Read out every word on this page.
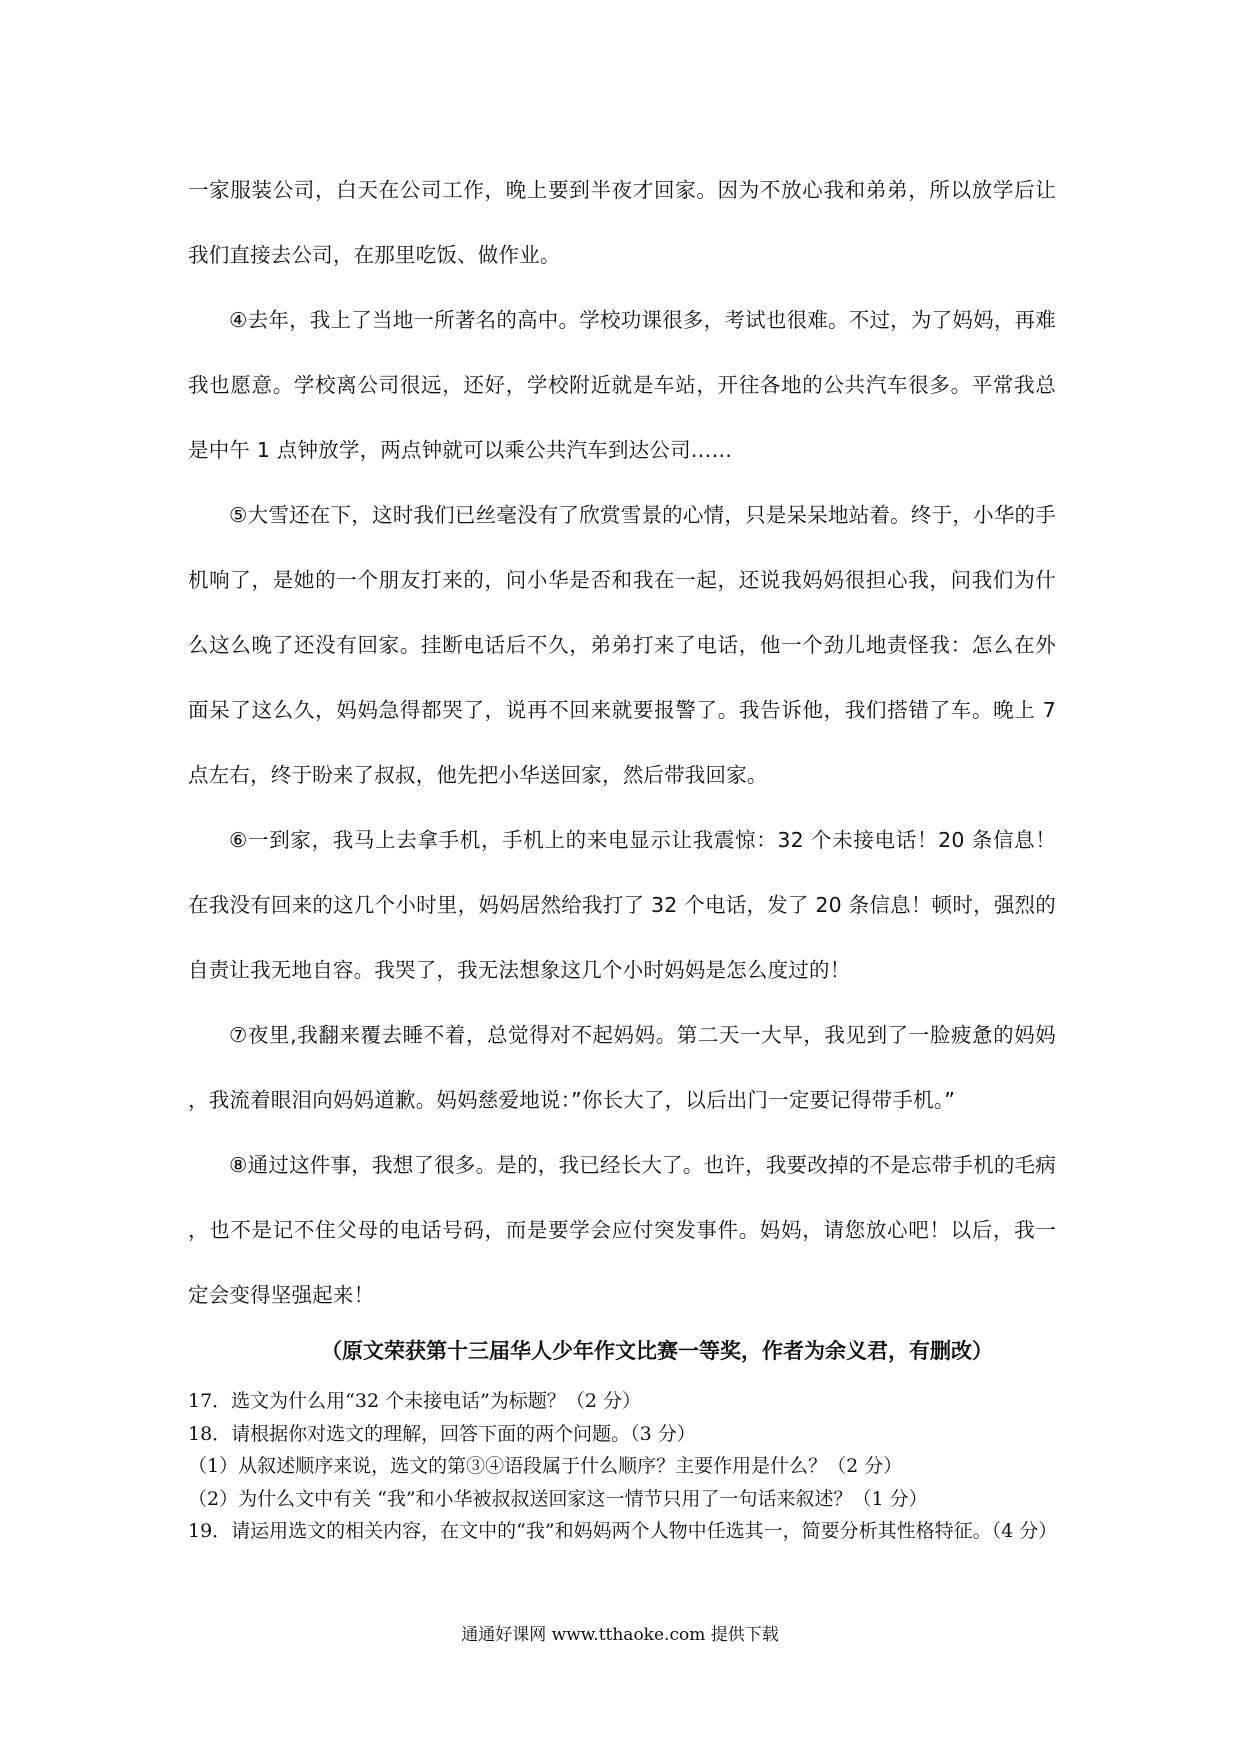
一家服装公司，白天在公司工作，晚上要到半夜才回家。因为不放心我和弟弟，所以放学后让我们直接去公司，在那里吃饭、做作业。

④去年，我上了当地一所著名的高中。学校功课很多，考试也很难。不过，为了妈妈，再难我也愿意。学校离公司很远，还好，学校附近就是车站，开往各地的公共汽车很多。平常我总是中午 1 点钟放学，两点钟就可以乘公共汽车到达公司……

⑤大雪还在下，这时我们已丝毫没有了欣赏雪景的心情，只是呆呆地站着。终于，小华的手机响了，是她的一个朋友打来的，问小华是否和我在一起，还说我妈妈很担心我，问我们为什么这么晚了还没有回家。挂断电话后不久，弟弟打来了电话，他一个劲儿地责怪我：怎么在外面呆了这么久，妈妈急得都哭了，说再不回来就要报警了。我告诉他，我们搭错了车。晚上 7 点左右，终于盼来了叔叔，他先把小华送回家，然后带我回家。

⑥一到家，我马上去拿手机，手机上的来电显示让我震惊：32 个未接电话！20 条信息！在我没有回来的这几个小时里，妈妈居然给我打了 32 个电话，发了 20 条信息！顿时，强烈的自责让我无地自容。我哭了，我无法想象这几个小时妈妈是怎么度过的！

⑦夜里,我翻来覆去睡不着，总觉得对不起妈妈。第二天一大早，我见到了一脸疲惫的妈妈，我流着眼泪向妈妈道歉。妈妈慈爱地说：”你长大了，以后出门一定要记得带手机。”

⑧通过这件事，我想了很多。是的，我已经长大了。也许，我要改掉的不是忘带手机的毛病，也不是记不住父母的电话号码，而是要学会应付突发事件。妈妈，请您放心吧！以后，我一定会变得坚强起来！

（原文荣获第十三届华人少年作文比赛一等奖，作者为余义君，有删改）

17．选文为什么用“32 个未接电话”为标题？（2 分）

18．请根据你对选文的理解，回答下面的两个问题。（3 分）

（1）从叙述顺序来说，选文的第③④语段属于什么顺序？主要作用是什么？（2 分）

（2）为什么文中有关 “我”和小华被叔叔送回家这一情节只用了一句话来叙述？（1 分）

19．请运用选文的相关内容，在文中的“我”和妈妈两个人物中任选其一，简要分析其性格特征。（4 分）

通通好课网 www.tthaoke.com 提供下载
